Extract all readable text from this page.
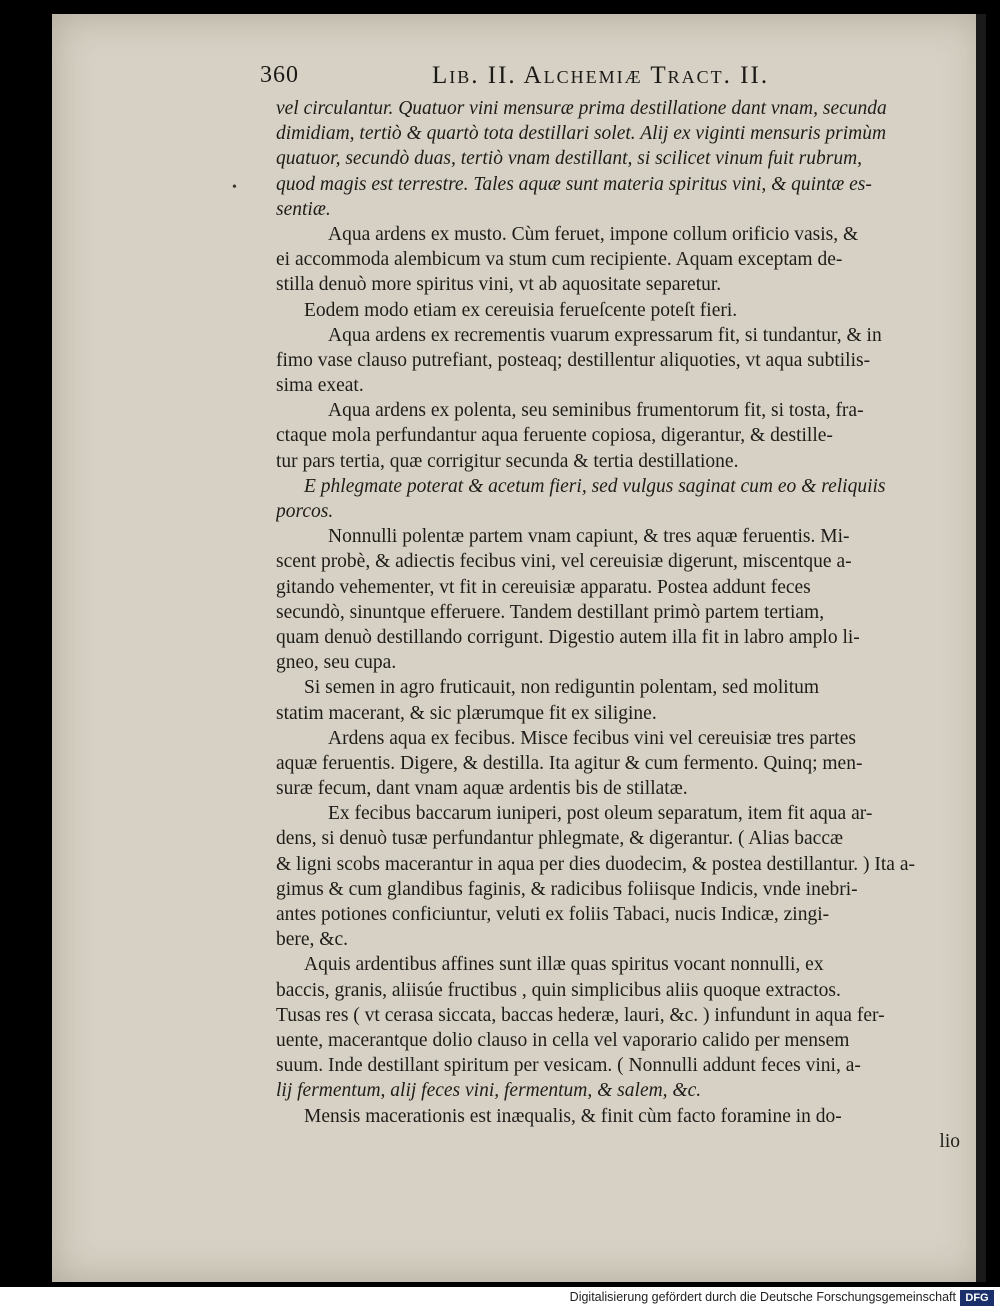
360	Lib. II. Alchemiæ Tract. II.
•
vel circulantur. Quatuor vini mensuræ prima destillatione dant vnam, secunda
dimidiam, tertiò & quartò tota destillari solet. Alij ex viginti mensuris primùm
quatuor, secundò duas, tertiò vnam destillant, si scilicet vinum fuit rubrum,
quod magis est terrestre. Tales aquæ sunt materia spiritus vini, & quintæ es-
sentiæ.
Aqua ardens ex musto. Cùm feruet, impone collum orificio vasis, &
ei accommoda alembicum va stum cum recipiente. Aquam exceptam de-
stilla denuò more spiritus vini, vt ab aquositate separetur.
Eodem modo etiam ex cereuisia ferueſcente poteſt fieri.
Aqua ardens ex recrementis vuarum expressarum fit, si tundantur, & in
fimo vase clauso putrefiant, posteaq; destillentur aliquoties, vt aqua subtilis-
sima exeat.
Aqua ardens ex polenta, seu seminibus frumentorum fit, si tosta, fra-
ctaque mola perfundantur aqua feruente copiosa, digerantur, & destille-
tur pars tertia, quæ corrigitur secunda & tertia destillatione.
E phlegmate poterat & acetum fieri, sed vulgus saginat cum eo & reliquiis
porcos.
Nonnulli polentæ partem vnam capiunt, & tres aquæ feruentis. Mi-
scent probè, & adiectis fecibus vini, vel cereuisiæ digerunt, miscentque a-
gitando vehementer, vt fit in cereuisiæ apparatu. Postea addunt feces
secundò, sinuntque efferuere. Tandem destillant primò partem tertiam,
quam denuò destillando corrigunt. Digestio autem illa fit in labro amplo li-
gneo, seu cupa.
Si semen in agro fruticauit, non rediguntin polentam, sed molitum
statim macerant, & sic plærumque fit ex siligine.
Ardens aqua ex fecibus. Misce fecibus vini vel cereuisiæ tres partes
aquæ feruentis. Digere, & destilla. Ita agitur & cum fermento. Quinq; men-
suræ fecum, dant vnam aquæ ardentis bis de stillatæ.
Ex fecibus baccarum iuniperi, post oleum separatum, item fit aqua ar-
dens, si denuò tusæ perfundantur phlegmate, & digerantur. ( Alias baccæ
& ligni scobs macerantur in aqua per dies duodecim, & postea destillantur. ) Ita a-
gimus & cum glandibus faginis, & radicibus foliisque Indicis, vnde inebri-
antes potiones conficiuntur, veluti ex foliis Tabaci, nucis Indicæ, zingi-
bere, &c.
Aquis ardentibus affines sunt illæ quas spiritus vocant nonnulli, ex
baccis, granis, aliisúe fructibus , quin simplicibus aliis quoque extractos.
Tusas res ( vt cerasa siccata, baccas hederæ, lauri, &c. ) infundunt in aqua fer-
uente, macerantque dolio clauso in cella vel vaporario calido per mensem
suum. Inde destillant spiritum per vesicam. ( Nonnulli addunt feces vini, a-
lij fermentum, alij feces vini, fermentum, & salem, &c.
Mensis macerationis est inæqualis, & finit cùm facto foramine in do-
lio
Digitalisierung gefördert durch die Deutsche Forschungsgemeinschaft DFG
